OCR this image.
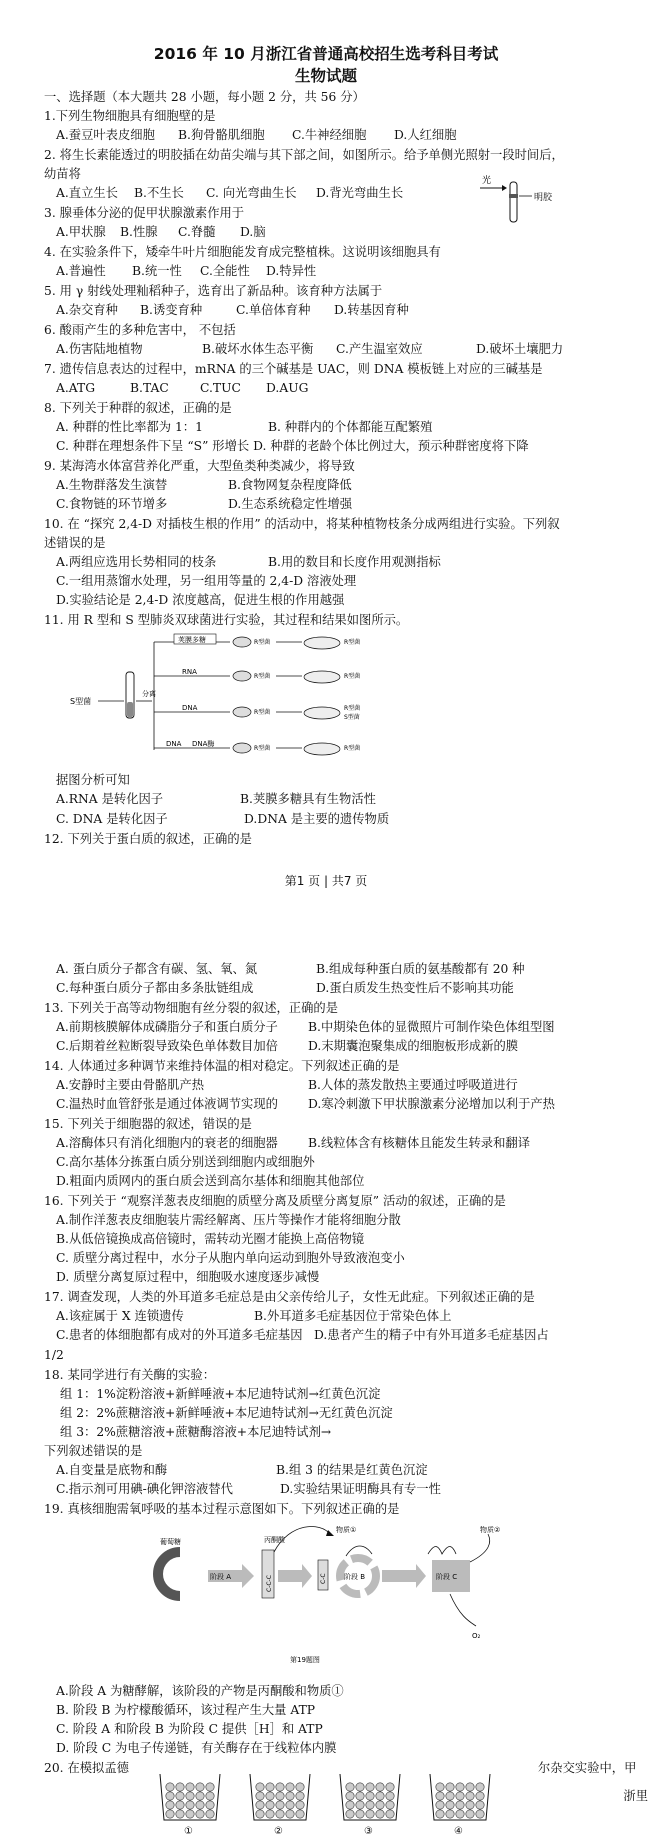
2016 年 10 月浙江省普通高校招生选考科目考试
生物试题
一、选择题（本大题共 28 小题，每小题 2 分，共 56 分）
1.下列生物细胞具有细胞壁的是
A.蚕豆叶表皮细胞 B.狗骨骼肌细胞 C.牛神经细胞 D.人红细胞
2. 将生长素能透过的明胶插在幼苗尖端与其下部之间，如图所示。给予单侧光照射一段时间后，
幼苗将
A.直立生长 B.不生长 C. 向光弯曲生长 D.背光弯曲生长
光
明胶
3. 腺垂体分泌的促甲状腺激素作用于
A.甲状腺 B.性腺 C.脊髓 D.脑
4. 在实验条件下，矮牵牛叶片细胞能发育成完整植株。这说明该细胞具有
A.普遍性 B.统一性 C.全能性 D.特异性
5. 用 γ 射线处理籼稻种子，选育出了新品种。该育种方法属于
A.杂交育种 B.诱变育种	C.单倍体育种 D.转基因育种
6. 酸雨产生的多种危害中， 不包括
A.伤害陆地植物	B.破坏水体生态平衡 C.产生温室效应	D.破坏土壤肥力
7. 遗传信息表达的过程中，mRNA 的三个碱基是 UAC，则 DNA 模板链上对应的三碱基是
A.ATG	B.TAC	C.TUC D.AUG
8. 下列关于种群的叙述，正确的是
A. 种群的性比率都为 1：1	B. 种群内的个体都能互配繁殖
C. 种群在理想条件下呈 “S” 形增长 D. 种群的老龄个体比例过大，预示种群密度将下降
9. 某海湾水体富营养化严重，大型鱼类种类减少，将导致
A.生物群落发生演替	B.食物网复杂程度降低
C.食物链的环节增多	D.生态系统稳定性增强
10. 在 “探究 2,4-D 对插枝生根的作用” 的活动中，将某种植物枝条分成两组进行实验。下列叙
述错误的是
A.两组应选用长势相同的枝条	B.用的数目和长度作用观测指标
C.一组用蒸馏水处理，另一组用等量的 2,4-D 溶液处理
D.实验结论是 2,4-D 浓度越高，促进生根的作用越强
11. 用 R 型和 S 型肺炎双球菌进行实验，其过程和结果如图所示。
S型菌
分离
荚膜多糖	R型菌	R型菌
RNA
R型菌	R型菌
DNA
R型菌
R型菌
S型菌
DNA DNA酶
R型菌	R型菌
据图分析可知
A.RNA 是转化因子	B.荚膜多糖具有生物活性
C. DNA 是转化因子	D.DNA 是主要的遗传物质
12. 下列关于蛋白质的叙述，正确的是
第1 页 | 共7 页
A. 蛋白质分子都含有碳、氢、氧、氮	B.组成每种蛋白质的氨基酸都有 20 种
C.每种蛋白质分子都由多条肽链组成	D.蛋白质发生热变性后不影响其功能
13. 下列关于高等动物细胞有丝分裂的叙述，正确的是
A.前期核膜解体成磷脂分子和蛋白质分子 B.中期染色体的显微照片可制作染色体组型图
C.后期着丝粒断裂导致染色单体数目加倍 D.末期囊泡聚集成的细胞板形成新的膜
14. 人体通过多种调节来维持体温的相对稳定。下列叙述正确的是
A.安静时主要由骨骼肌产热	B.人体的蒸发散热主要通过呼吸道进行
C.温热时血管舒张是通过体液调节实现的 D.寒冷刺激下甲状腺激素分泌增加以利于产热
15. 下列关于细胞器的叙述，错误的是
A.溶酶体只有消化细胞内的衰老的细胞器 B.线粒体含有核糖体且能发生转录和翻译
C.高尔基体分拣蛋白质分别送到细胞内或细胞外
D.粗面内质网内的蛋白质会送到高尔基体和细胞其他部位
16. 下列关于 “观察洋葱表皮细胞的质壁分离及质壁分离复原” 活动的叙述，正确的是
A.制作洋葱表皮细胞装片需经解离、压片等操作才能将细胞分散
B.从低倍镜换成高倍镜时，需转动光圈才能换上高倍物镜
C. 质壁分离过程中，水分子从胞内单向运动到胞外导致液泡变小
D. 质壁分离复原过程中，细胞吸水速度逐步减慢
17. 调查发现，人类的外耳道多毛症总是由父亲传给儿子，女性无此症。下列叙述正确的是
A.该症属于 X 连锁遗传	B.外耳道多毛症基因位于常染色体上
C.患者的体细胞都有成对的外耳道多毛症基因 D.患者产生的精子中有外耳道多毛症基因占
1/2
18. 某同学进行有关酶的实验：
组 1：1%淀粉溶液+新鲜唾液+本尼迪特试剂→红黄色沉淀
组 2：2%蔗糖溶液+新鲜唾液+本尼迪特试剂→无红黄色沉淀
组 3：2%蔗糖溶液+蔗糖酶溶液+本尼迪特试剂→
下列叙述错误的是
A.自变量是底物和酶	B.组 3 的结果是红黄色沉淀
C.指示剂可用碘-碘化钾溶液替代	D.实验结果证明酶具有专一性
19. 真核细胞需氧呼吸的基本过程示意图如下。下列叙述正确的是
葡萄糖
阶段 A
丙酮酸
C-C-C	C-C
物质①
阶段 B	阶段 C
物质②
O₂
第19题图
A.阶段 A 为糖酵解，该阶段的产物是丙酮酸和物质①
B. 阶段 B 为柠檬酸循环，该过程产生大量 ATP
C. 阶段 A 和阶段 B 为阶段 C 提供［H］和 ATP
D. 阶段 C 为电子传递链，有关酶存在于线粒体内膜
20. 在模拟孟德	尔杂交实验中，甲
浙里
①	②	③	④
